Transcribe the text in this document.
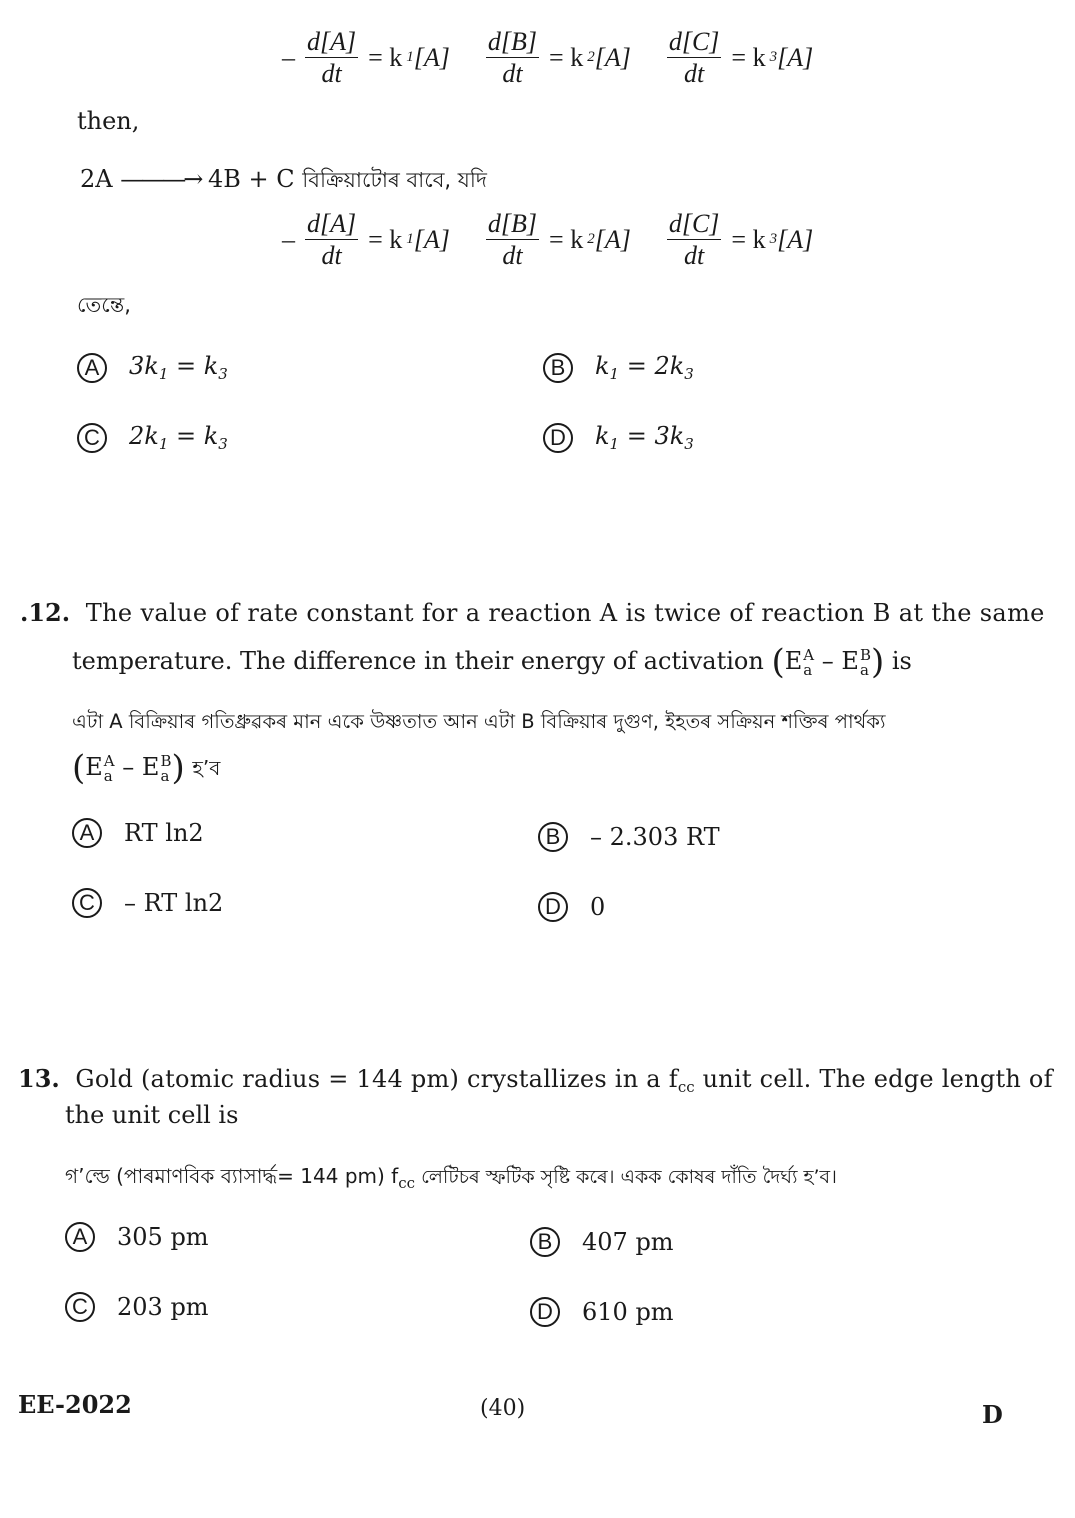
– $\frac{d[A]}{dt} = k$ 1 $[A] \frac{d[B]}{dt} = k$ 2 $[A] \frac{d[C]}{dt} = k$ 3 [A]
then,
2A ———→ 4B + C বিক্ৰিয়াটোৰ বাবে, যদি
– $\frac{d[A]}{dt} = k$ 1 $[A] \frac{d[B]}{dt} = k$ 2 $[A] \frac{d[C]}{dt} = k$ 3 [A]
তেন্তে,
A	$3k_1 = k_3$	B	$k_1 = 2k_3$
C $2k_1 = k_3$	D $k_1 = 3k_3$
.12. The value of rate constant for a reaction A is twice of reaction B at the same
temperature. The difference in their energy of activation (E A
a – E B
a ) is
এটা A বিক্ৰিয়াৰ গতিধ্ৰুৱকৰ মান একে উষ্ণতাত আন এটা B বিক্ৰিয়াৰ দুগুণ, ইহতৰ সক্ৰিয়ন শক্তিৰ পাৰ্থক্য
(E A
a – E B
a ) হ’ব
A	RT ln2	B	– 2.303 RT
C – RT ln2	D 0
13. Gold (atomic radius = 144 pm) crystallizes in a $f_{cc}$ unit cell. The edge length of
the unit cell is
গ’ল্ডে (পাৰমাণবিক ব্যাসাৰ্দ্ধ= 144 pm) $f_{cc}$ লেটিচৰ স্ফটিক সৃষ্টি কৰে। একক কোষৰ দাঁতি দৈৰ্ঘ্য হ’ব।
A	305 pm	B	407 pm
C 203 pm	D 610 pm
EE-2022	(40)	D
